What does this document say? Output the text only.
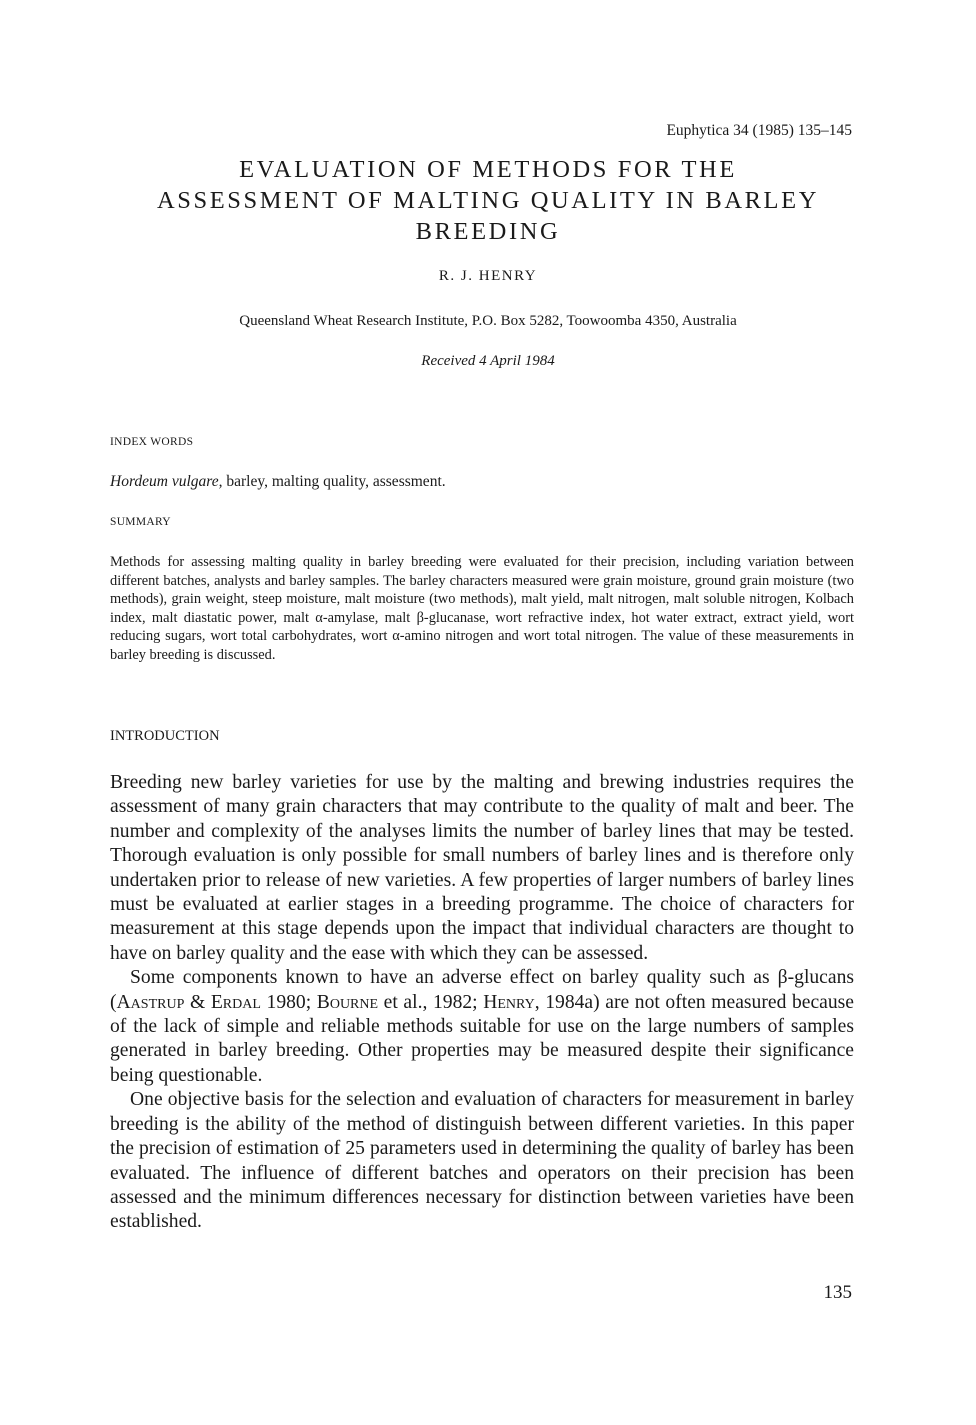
Euphytica 34 (1985) 135–145
EVALUATION OF METHODS FOR THE
ASSESSMENT OF MALTING QUALITY IN BARLEY
BREEDING
R. J. HENRY
Queensland Wheat Research Institute, P.O. Box 5282, Toowoomba 4350, Australia
Received 4 April 1984
INDEX WORDS
Hordeum vulgare, barley, malting quality, assessment.
SUMMARY
Methods for assessing malting quality in barley breeding were evaluated for their precision, including variation between different batches, analysts and barley samples. The barley characters measured were grain moisture, ground grain moisture (two methods), grain weight, steep moisture, malt moisture (two methods), malt yield, malt nitrogen, malt soluble nitrogen, Kolbach index, malt diastatic power, malt α-amylase, malt β-glucanase, wort refractive index, hot water extract, extract yield, wort reducing sugars, wort total carbohydrates, wort α-amino nitrogen and wort total nitrogen. The value of these measurements in barley breeding is discussed.
INTRODUCTION

Breeding new barley varieties for use by the malting and brewing industries requires the assessment of many grain characters that may contribute to the quality of malt and beer. The number and complexity of the analyses limits the number of barley lines that may be tested. Thorough evaluation is only possible for small numbers of barley lines and is therefore only undertaken prior to release of new varieties. A few properties of larger numbers of barley lines must be evaluated at earlier stages in a breeding programme. The choice of characters for measurement at this stage depends upon the impact that individual characters are thought to have on barley quality and the ease with which they can be assessed.

Some components known to have an adverse effect on barley quality such as β-glucans (Aastrup & Erdal 1980; Bourne et al., 1982; Henry, 1984a) are not often measured because of the lack of simple and reliable methods suitable for use on the large numbers of samples generated in barley breeding. Other properties may be measured despite their significance being questionable.

One objective basis for the selection and evaluation of characters for measurement in barley breeding is the ability of the method of distinguish between different varieties. In this paper the precision of estimation of 25 parameters used in determining the quality of barley has been evaluated. The influence of different batches and operators on their precision has been assessed and the minimum differences necessary for distinction between varieties have been established.

135
